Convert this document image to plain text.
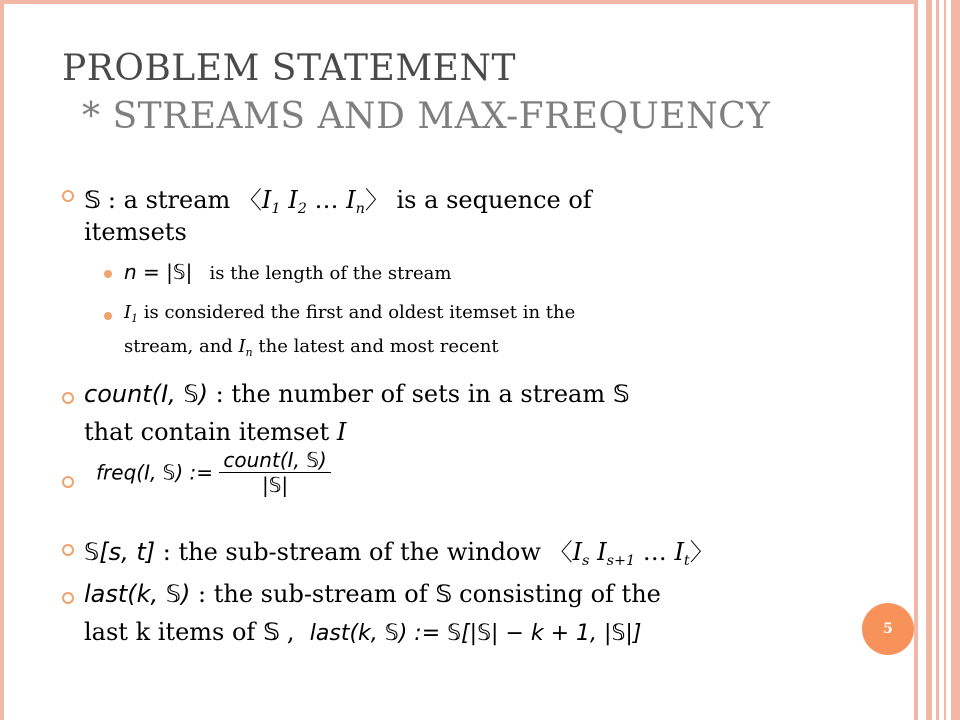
PROBLEM STATEMENT
* STREAMS AND MAX-FREQUENCY
𝕊 : a stream 〈$I_1$ $I_2$ … $I_n$〉 is a sequence of
itemsets
n = |𝕊| is the length of the stream
$I_1$ is considered the first and oldest itemset in the
stream, and $I_n$ the latest and most recent
count(I, 𝕊) : the number of sets in a stream 𝕊
that contain itemset I
freq(I, 𝕊) := $\frac{\text{count(I, 𝕊)}}{\text{|𝕊|}}$
𝕊[s, t] : the sub-stream of the window 〈$I_s$ $I_{s+1}$ … $I_t$〉
last(k, 𝕊) : the sub-stream of 𝕊 consisting of the
last k items of 𝕊 , last(k, 𝕊) := 𝕊[|𝕊| − k + 1, |𝕊|]	5
